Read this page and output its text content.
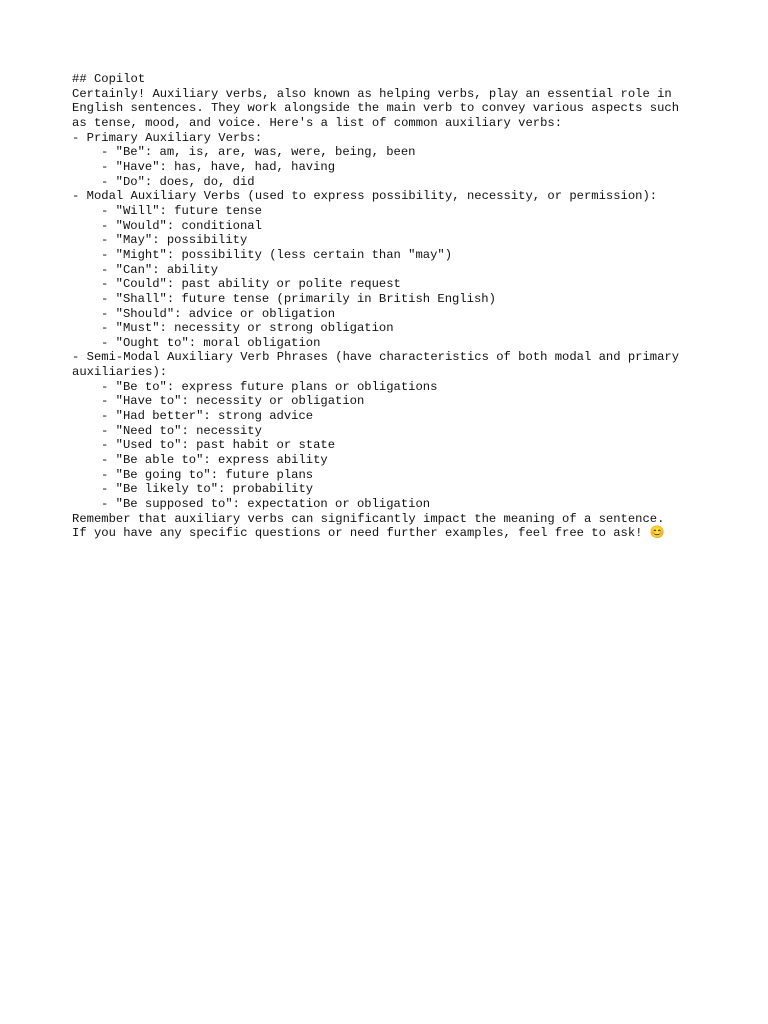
## Copilot

Certainly! Auxiliary verbs, also known as helping verbs, play an essential role in

English sentences. They work alongside the main verb to convey various aspects such

as tense, mood, and voice. Here's a list of common auxiliary verbs:

- Primary Auxiliary Verbs:

- "Be": am, is, are, was, were, being, been

- "Have": has, have, had, having

- "Do": does, do, did

- Modal Auxiliary Verbs (used to express possibility, necessity, or permission):

- "Will": future tense

- "Would": conditional

- "May": possibility

- "Might": possibility (less certain than "may")

- "Can": ability

- "Could": past ability or polite request

- "Shall": future tense (primarily in British English)

- "Should": advice or obligation

- "Must": necessity or strong obligation

- "Ought to": moral obligation

- Semi-Modal Auxiliary Verb Phrases (have characteristics of both modal and primary

auxiliaries):

- "Be to": express future plans or obligations

- "Have to": necessity or obligation

- "Had better": strong advice

- "Need to": necessity

- "Used to": past habit or state

- "Be able to": express ability

- "Be going to": future plans

- "Be likely to": probability

- "Be supposed to": expectation or obligation

Remember that auxiliary verbs can significantly impact the meaning of a sentence.

If you have any specific questions or need further examples, feel free to ask! 😊
